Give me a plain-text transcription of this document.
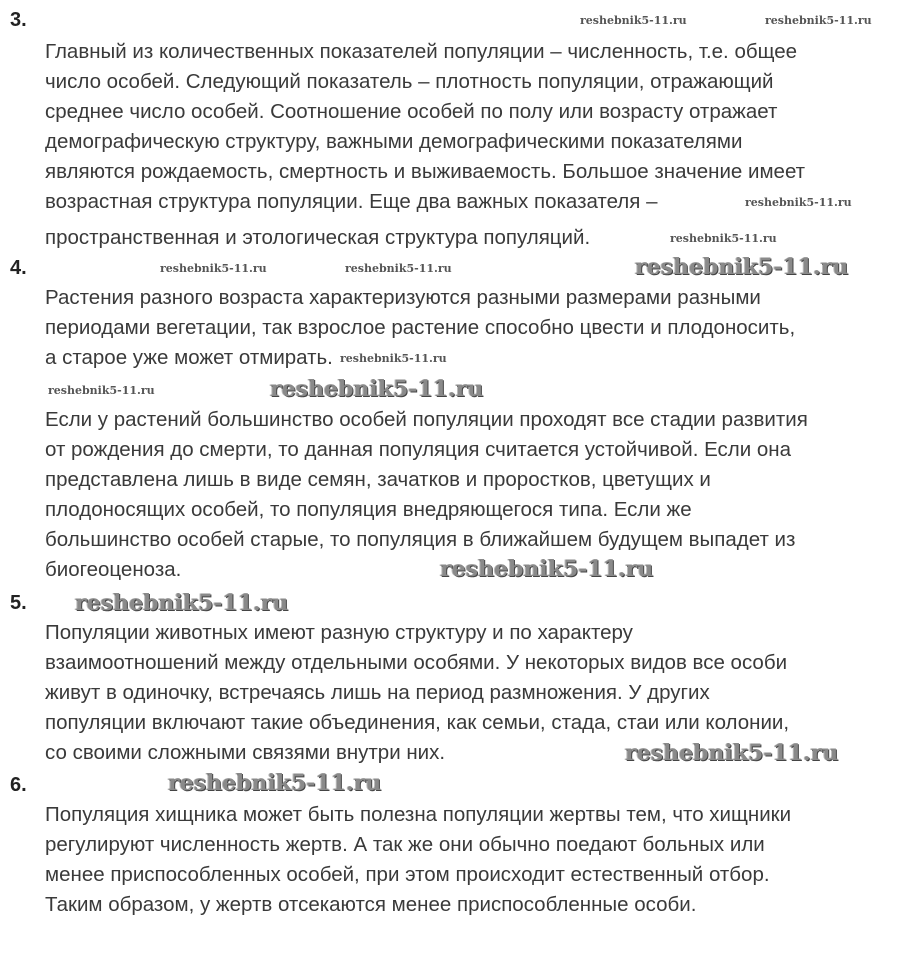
3.
Главный из количественных показателей популяции – численность, т.е. общее
число особей. Следующий показатель – плотность популяции, отражающий
среднее число особей. Соотношение особей по полу или возрасту отражает
демографическую структуру, важными демографическими показателями
являются рождаемость, смертность и выживаемость. Большое значение имеет
возрастная структура популяции. Еще два важных показателя –
пространственная и этологическая структура популяций.
4.
Растения разного возраста характеризуются разными размерами разными
периодами вегетации, так взрослое растение способно цвести и плодоносить,
а старое уже может отмирать.
Если у растений большинство особей популяции проходят все стадии развития
от рождения до смерти, то данная популяция считается устойчивой. Если она
представлена лишь в виде семян, зачатков и проростков, цветущих и
плодоносящих особей, то популяция внедряющегося типа. Если же
большинство особей старые, то популяция в ближайшем будущем выпадет из
биогеоценоза.
5.
Популяции животных имеют разную структуру и по характеру
взаимоотношений между отдельными особями. У некоторых видов все особи
живут в одиночку, встречаясь лишь на период размножения. У других
популяции включают такие объединения, как семьи, стада, стаи или колонии,
со своими сложными связями внутри них.
6.
Популяция хищника может быть полезна популяции жертвы тем, что хищники
регулируют численность жертв. А так же они обычно поедают больных или
менее приспособленных особей, при этом происходит естественный отбор.
Таким образом, у жертв отсекаются менее приспособленные особи.
reshebnik5-11.ru	reshebnik5-11.ru
reshebnik5-11.ru
reshebnik5-11.ru
reshebnik5-11.ru	reshebnik5-11.ru
reshebnik5-11.ru
reshebnik5-11.ru
reshebnik5-11.ru
reshebnik5-11.ru
reshebnik5-11.ru
reshebnik5-11.ru
reshebnik5-11.ru
reshebnik5-11.ru
